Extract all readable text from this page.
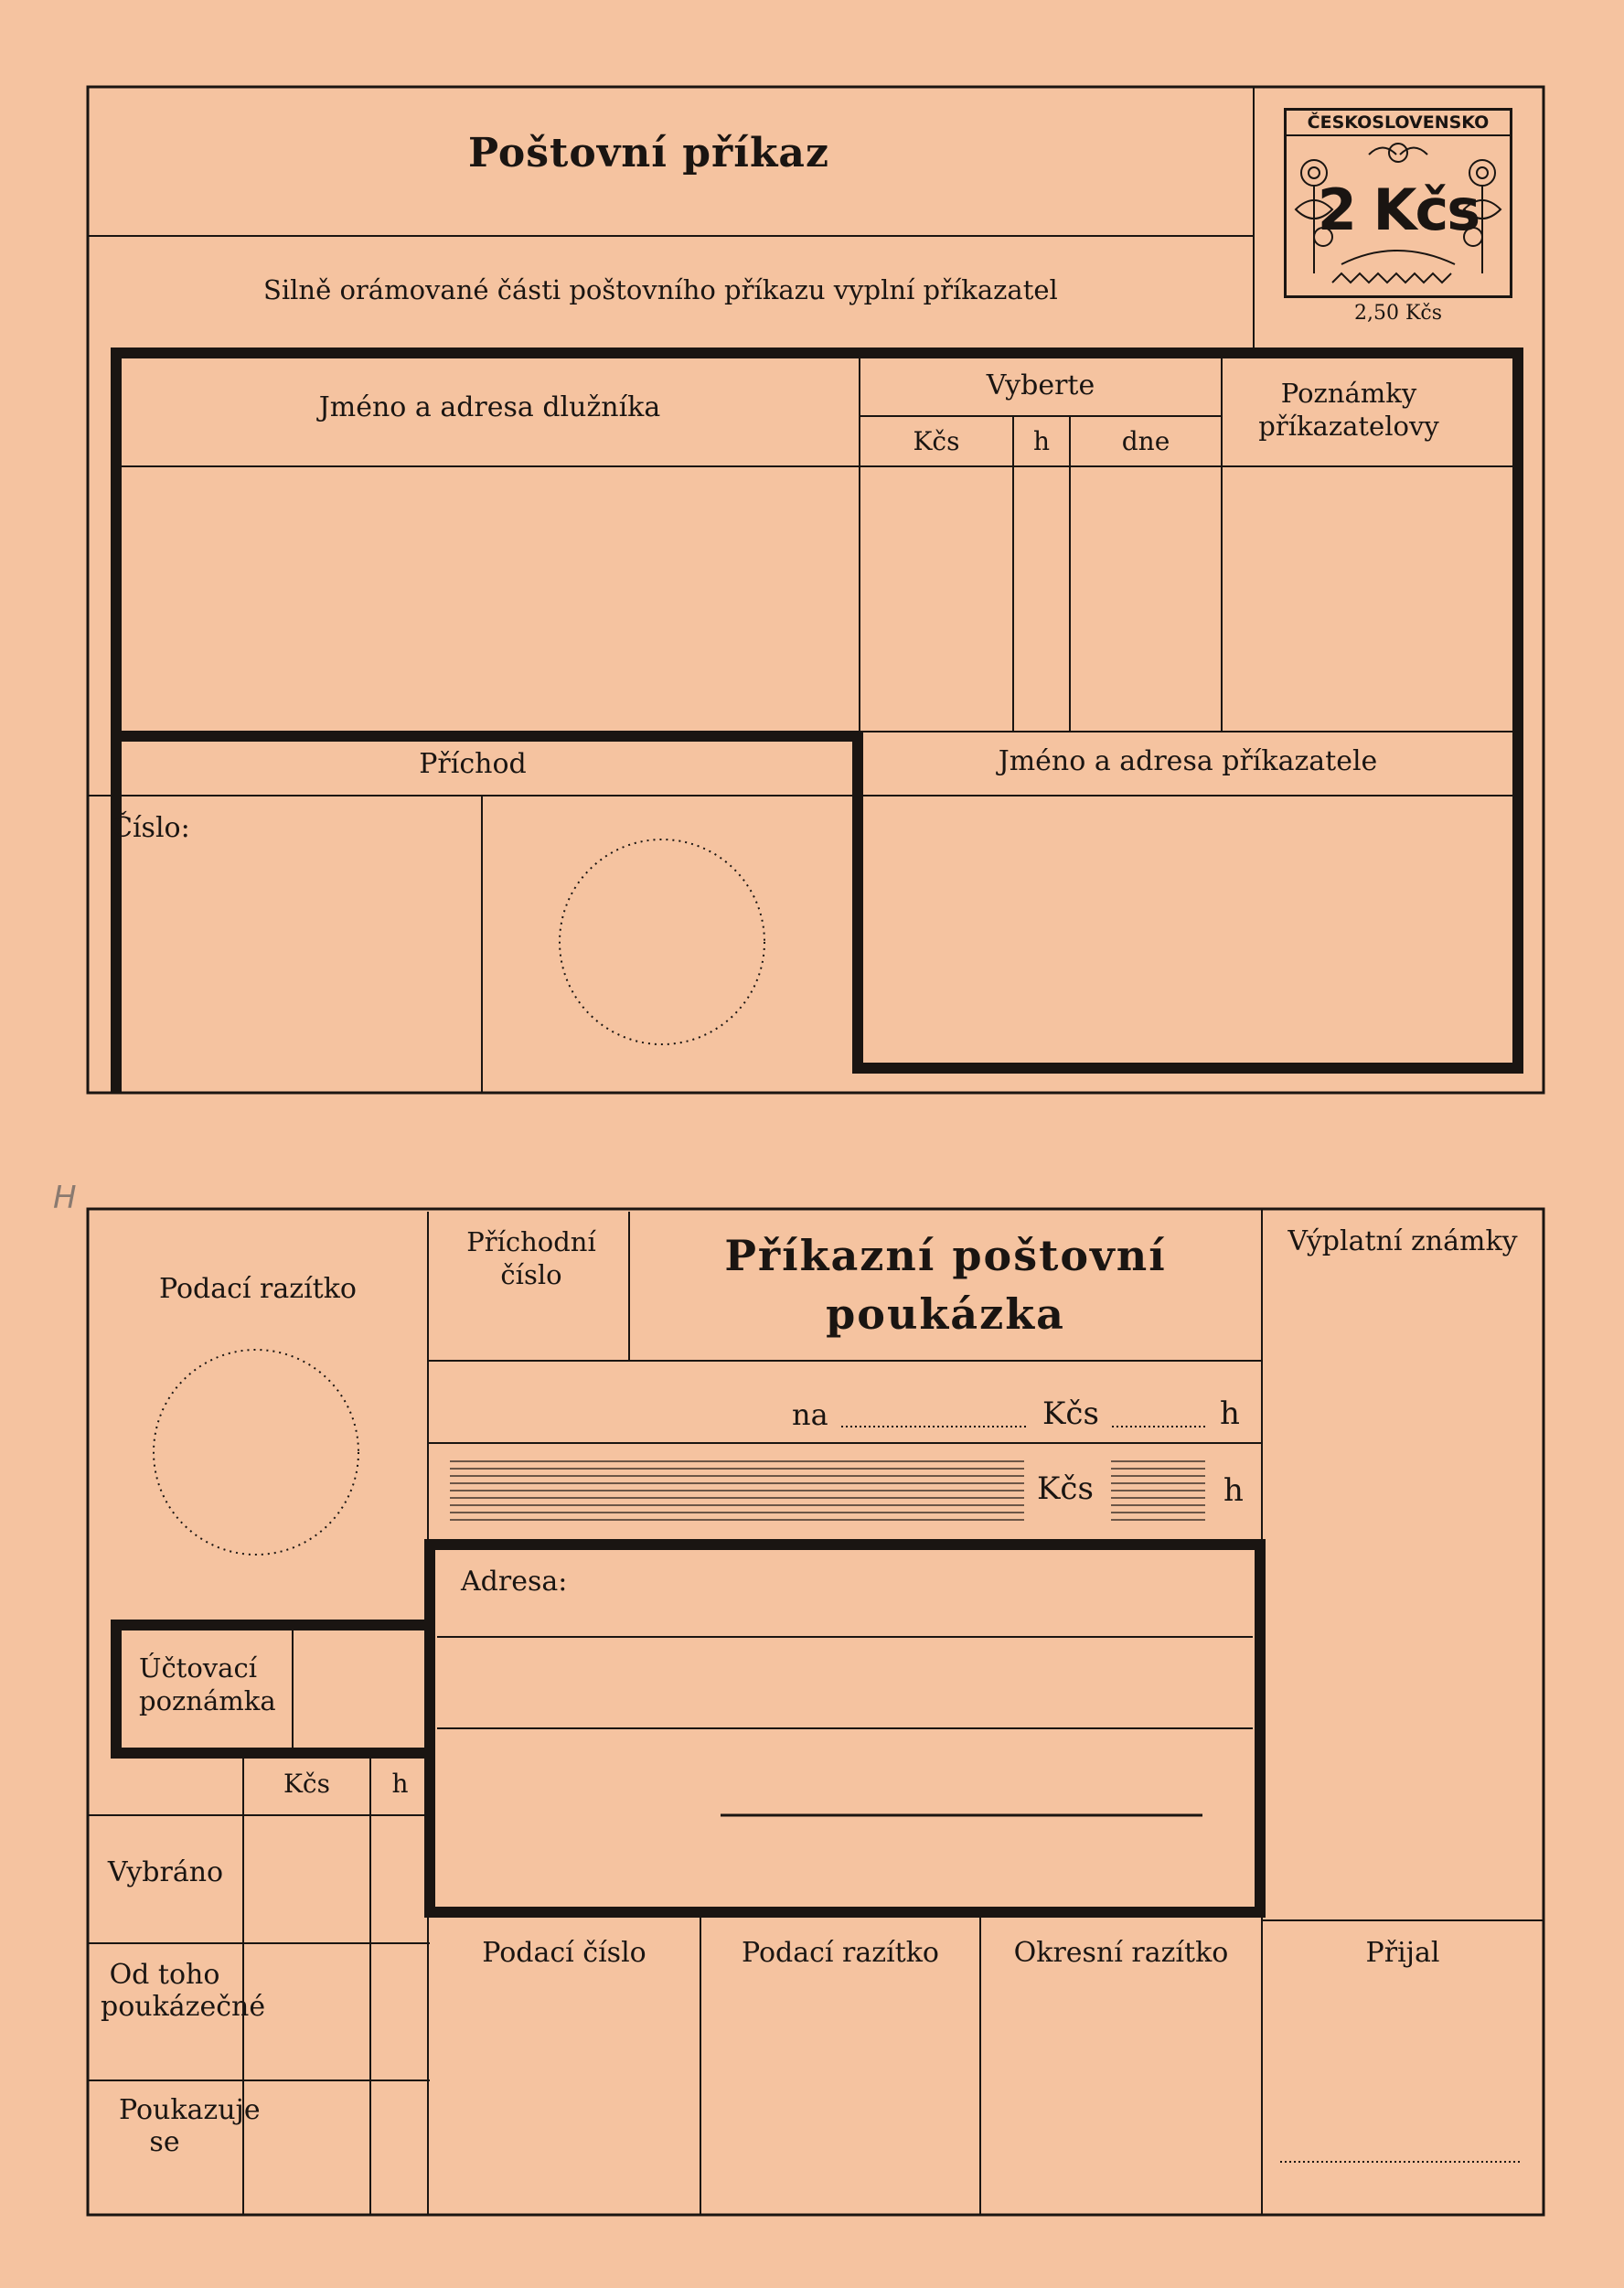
Poštovní příkaz
Silně orámované části poštovního příkazu vyplní příkazatel
ČESKOSLOVENSKO
2 Kčs
2,50 Kčs
Jméno a adresa dlužníka
Vyberte
Kčs	h	dne
Poznámky příkazatelovy
Příchod
Číslo:
Jméno a adresa příkazatele
H
Podací razítko
Příchodní číslo	Příkazní poštovní
poukázka
Výplatní známky
na	Kčs	h
Kčs	h
Adresa:
Účtovací poznámka
Kčs	h
Vybráno
Od toho poukázečné
Poukazuje se
Podací číslo	Podací razítko	Okresní razítko	Přijal
